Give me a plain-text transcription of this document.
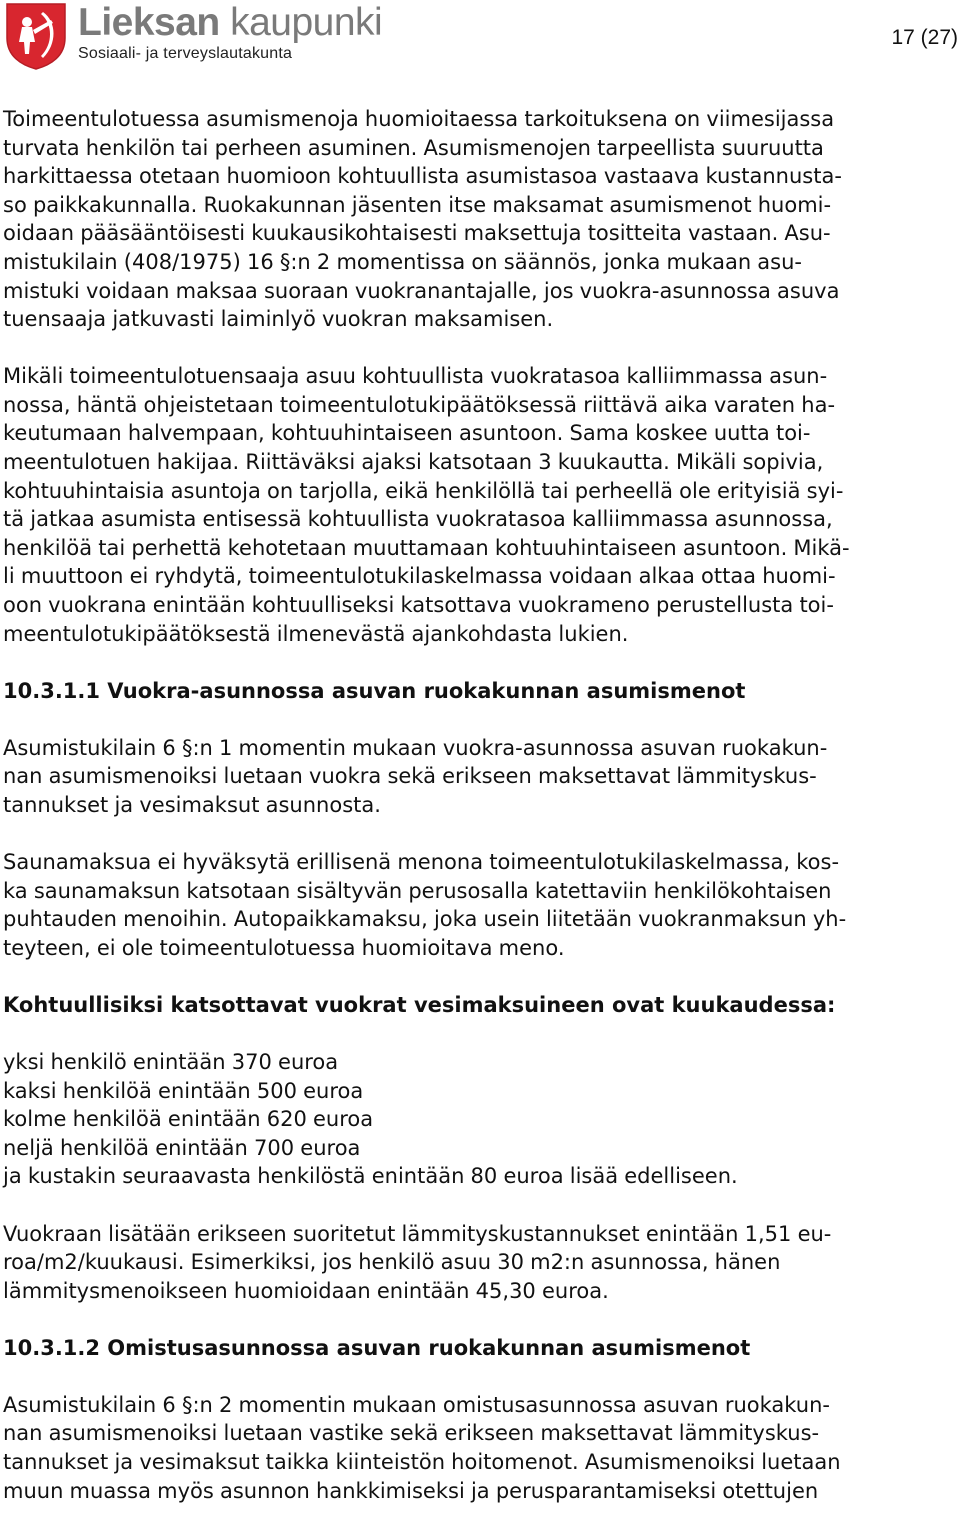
Lieksan kaupunki
Sosiaali- ja terveyslautakunta
17 (27)

Toimeentulotuessa asumismenoja huomioitaessa tarkoituksena on viimesijassa
turvata henkilön tai perheen asuminen. Asumismenojen tarpeellista suuruutta
harkittaessa otetaan huomioon kohtuullista asumistasoa vastaava kustannusta-
so paikkakunnalla. Ruokakunnan jäsenten itse maksamat asumismenot huomi-
oidaan pääsääntöisesti kuukausikohtaisesti maksettuja tositteita vastaan. Asu-
mistukilain (408/1975) 16 §:n 2 momentissa on säännös, jonka mukaan asu-
mistuki voidaan maksaa suoraan vuokranantajalle, jos vuokra-asunnossa asuva
tuensaaja jatkuvasti laiminlyö vuokran maksamisen.

Mikäli toimeentulotuensaaja asuu kohtuullista vuokratasoa kalliimmassa asun-
nossa, häntä ohjeistetaan toimeentulotukipäätöksessä riittävä aika varaten ha-
keutumaan halvempaan, kohtuuhintaiseen asuntoon. Sama koskee uutta toi-
meentulotuen hakijaa. Riittäväksi ajaksi katsotaan 3 kuukautta. Mikäli sopivia,
kohtuuhintaisia asuntoja on tarjolla, eikä henkilöllä tai perheellä ole erityisiä syi-
tä jatkaa asumista entisessä kohtuullista vuokratasoa kalliimmassa asunnossa,
henkilöä tai perhettä kehotetaan muuttamaan kohtuuhintaiseen asuntoon. Mikä-
li muuttoon ei ryhdytä, toimeentulotukilaskelmassa voidaan alkaa ottaa huomi-
oon vuokrana enintään kohtuulliseksi katsottava vuokrameno perustellusta toi-
meentulotukipäätöksestä ilmenevästä ajankohdasta lukien.

10.3.1.1 Vuokra-asunnossa asuvan ruokakunnan asumismenot

Asumistukilain 6 §:n 1 momentin mukaan vuokra-asunnossa asuvan ruokakun-
nan asumismenoiksi luetaan vuokra sekä erikseen maksettavat lämmityskus-
tannukset ja vesimaksut asunnosta.

Saunamaksua ei hyväksytä erillisenä menona toimeentulotukilaskelmassa, kos-
ka saunamaksun katsotaan sisältyvän perusosalla katettaviin henkilökohtaisen
puhtauden menoihin. Autopaikkamaksu, joka usein liitetään vuokranmaksun yh-
teyteen, ei ole toimeentulotuessa huomioitava meno.

Kohtuullisiksi katsottavat vuokrat vesimaksuineen ovat kuukaudessa:

yksi henkilö enintään 370 euroa
kaksi henkilöä enintään 500 euroa
kolme henkilöä enintään 620 euroa
neljä henkilöä enintään 700 euroa
ja kustakin seuraavasta henkilöstä enintään 80 euroa lisää edelliseen.

Vuokraan lisätään erikseen suoritetut lämmityskustannukset enintään 1,51 eu-
roa/m2/kuukausi. Esimerkiksi, jos henkilö asuu 30 m2:n asunnossa, hänen
lämmitysmenoikseen huomioidaan enintään 45,30 euroa.

10.3.1.2 Omistusasunnossa asuvan ruokakunnan asumismenot

Asumistukilain 6 §:n 2 momentin mukaan omistusasunnossa asuvan ruokakun-
nan asumismenoiksi luetaan vastike sekä erikseen maksettavat lämmityskus-
tannukset ja vesimaksut taikka kiinteistön hoitomenot. Asumismenoiksi luetaan
muun muassa myös asunnon hankkimiseksi ja perusparantamiseksi otettujen
